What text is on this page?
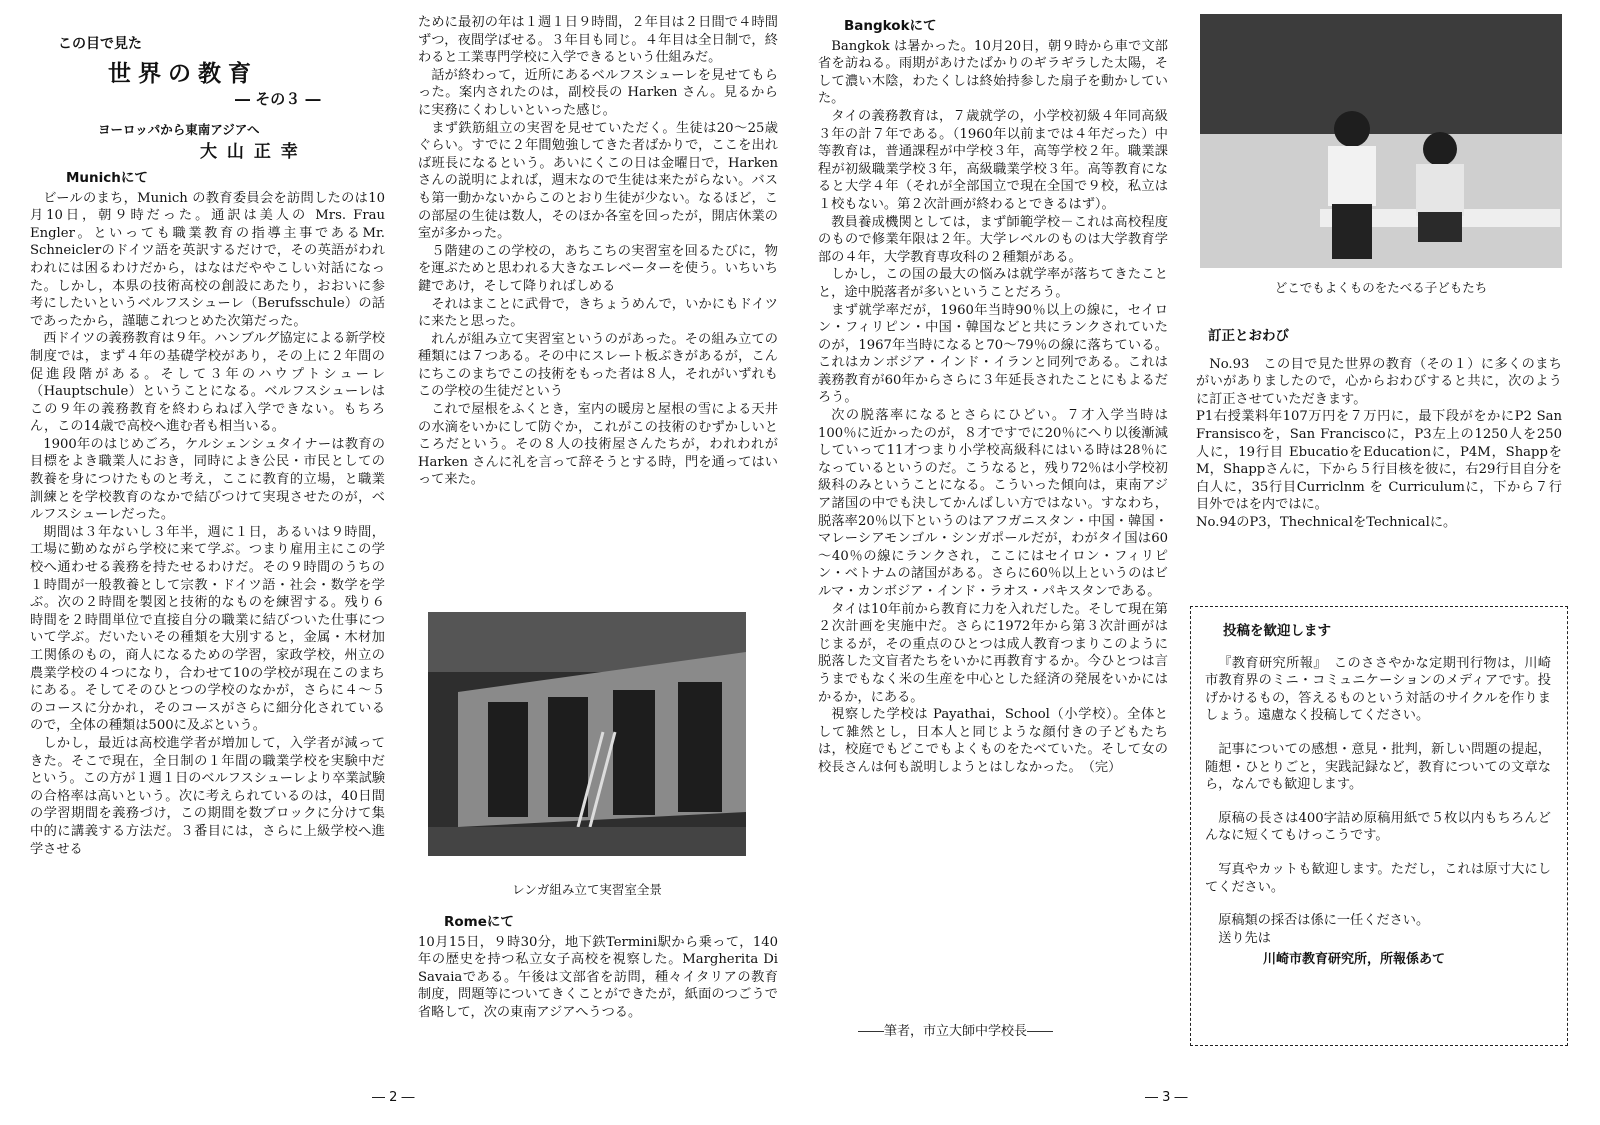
この目で見た
世界の教育
― その３ ―
ヨーロッパから東南アジアへ
大 山 正 幸
Munichにて

ビールのまち，Munich の教育委員会を訪問したのは10月10日，朝９時だった。通訳は美人の Mrs. Frau Engler。といっても職業教育の指導主事であるMr. Schneiclerのドイツ語を英訳するだけで，その英語がわれわれには困るわけだから，はなはだややこしい対話になった。しかし，本県の技術高校の創設にあたり，おおいに参考にしたいというベルフスシューレ（Berufsschule）の話であったから，謹聴これつとめた次第だった。

西ドイツの義務教育は９年。ハンブルグ協定による新学校制度では，まず４年の基礎学校があり，その上に２年間の促進段階がある。そして３年のハウプトシューレ（Hauptschule）ということになる。ベルフスシューレはこの９年の義務教育を終わらねば入学できない。もちろん，この14歳で高校へ進む者も相当いる。

1900年のはじめごろ，ケルシェンシュタイナーは教育の目標をよき職業人におき，同時によき公民・市民としての教養を身につけたものと考え，ここに教育的立場，と職業訓練とを学校教育のなかで結びつけて実現させたのが，ベルフスシューレだった。

期間は３年ないし３年半，週に１日，あるいは９時間，工場に勤めながら学校に来て学ぶ。つまり雇用主にこの学校へ通わせる義務を持たせるわけだ。その９時間のうちの１時間が一般教養として宗教・ドイツ語・社会・数学を学ぶ。次の２時間を製図と技術的なものを練習する。残り６時間を２時間単位で直接自分の職業に結びついた仕事について学ぶ。だいたいその種類を大別すると，金属・木材加工関係のもの，商人になるための学習，家政学校，州立の農業学校の４つになり，合わせて10の学校が現在このまちにある。そしてそのひとつの学校のなかが，さらに４～５のコースに分かれ，そのコースがさらに細分化されているので，全体の種類は500に及ぶという。

しかし，最近は高校進学者が増加して，入学者が減ってきた。そこで現在，全日制の１年間の職業学校を実験中だという。この方が１週１日のベルフスシューレより卒業試験の合格率は高いという。次に考えられているのは，40日間の学習期間を義務づけ，この期間を数ブロックに分けて集中的に講義する方法だ。３番目には，さらに上級学校へ進学させる

ために最初の年は１週１日９時間，２年目は２日間で４時間ずつ，夜間学ばせる。３年目も同じ。４年目は全日制で，終わると工業専門学校に入学できるという仕組みだ。

話が終わって，近所にあるベルフスシューレを見せてもらった。案内されたのは，副校長の Harken さん。見るからに実務にくわしいといった感じ。

まず鉄筋組立の実習を見せていただく。生徒は20～25歳ぐらい。すでに２年間勉強してきた者ばかりで，ここを出れば班長になるという。あいにくこの日は金曜日で，Harken さんの説明によれば，週末なので生徒は来たがらない。バスも第一動かないからこのとおり生徒が少ない。なるほど，この部屋の生徒は数人，そのほか各室を回ったが，開店休業の室が多かった。

５階建のこの学校の，あちこちの実習室を回るたびに，物を運ぶためと思われる大きなエレベーターを使う。いちいち鍵であけ，そして降りればしめる

それはまことに武骨で，きちょうめんで，いかにもドイツに来たと思った。

れんが組み立て実習室というのがあった。その組み立ての種類には７つある。その中にスレート板ぶきがあるが，こんにちこのまちでこの技術をもった者は８人，それがいずれもこの学校の生徒だという

これで屋根をふくとき，室内の暖房と屋根の雪による天井の水滴をいかにして防ぐか，これがこの技術のむずかしいところだという。その８人の技術屋さんたちが，われわれが Harken さんに礼を言って辞そうとする時，門を通ってはいって来た。

レンガ組み立て実習室全景
Romeにて

10月15日，９時30分，地下鉄Termini駅から乗って，140年の歴史を持つ私立女子高校を視察した。Margherita Di Savaiaである。午後は文部省を訪問，種々イタリアの教育制度，問題等についてきくことができたが，紙面のつごうで省略して，次の東南アジアへうつる。

― 2 ―
Bangkokにて

Bangkok は暑かった。10月20日，朝９時から車で文部省を訪ねる。雨期があけたばかりのギラギラした太陽，そして濃い木陰，わたくしは終始持参した扇子を動かしていた。

タイの義務教育は，７歳就学の，小学校初級４年同高級３年の計７年である。（1960年以前までは４年だった）中等教育は，普通課程が中学校３年，高等学校２年。職業課程が初級職業学校３年，高級職業学校３年。高等教育になると大学４年（それが全部国立で現在全国で９校，私立は１校もない。第２次計画が終わるとできるはず）。

教員養成機関としては，まず師範学校－これは高校程度のもので修業年限は２年。大学レベルのものは大学教育学部の４年，大学教育専攻科の２種類がある。

しかし，この国の最大の悩みは就学率が落ちてきたことと，途中脱落者が多いということだろう。

まず就学率だが，1960年当時90％以上の線に，セイロン・フィリピン・中国・韓国などと共にランクされていたのが，1967年当時になると70～79％の線に落ちている。これはカンボジア・インド・イランと同列である。これは義務教育が60年からさらに３年延長されたことにもよるだろう。

次の脱落率になるとさらにひどい。７才入学当時は100％に近かったのが，８才ですでに20％にへり以後漸減していって11才つまり小学校高級科にはいる時は28％になっているというのだ。こうなると，残り72％は小学校初級科のみということになる。こういった傾向は，東南アジア諸国の中でも決してかんばしい方ではない。すなわち，脱落率20％以下というのはアフガニスタン・中国・韓国・マレーシアモンゴル・シンガポールだが，わがタイ国は60～40％の線にランクされ，ここにはセイロン・フィリピン・ベトナムの諸国がある。さらに60％以上というのはビルマ・カンボジア・インド・ラオス・パキスタンである。

タイは10年前から教育に力を入れだした。そして現在第２次計画を実施中だ。さらに1972年から第３次計画がはじまるが，その重点のひとつは成人教育つまりこのように脱落した文盲者たちをいかに再教育するか。今ひとつは言うまでもなく米の生産を中心とした経済の発展をいかにはかるか，にある。

視察した学校は Payathai，School（小学校）。全体として雑然とし，日本人と同じような顔付きの子どもたちは，校庭でもどこでもよくものをたべていた。そして女の校長さんは何も説明しようとはしなかった。　（完）

――筆者，市立大師中学校長――
どこでもよくものをたべる子どもたち
訂正とおわび

No.93　この目で見た世界の教育（その１）に多くのまちがいがありましたので，心からおわびすると共に，次のように訂正させていただきます。

P1右授業料年107万円を７万円に，最下段がをかにP2 San Fransiscoを，San Franciscoに，P3左上の1250人を250人に，19行目 EbucatioをEducationに，P4M，ShappをM，Shappさんに，下から５行目核を彼に，右29行目自分を白人に，35行目Curriclnm を Curriculumに，下から７行目外ではを内ではに。

No.94のP3，ThechnicalをTechnicalに。

投稿を歓迎します

『教育研究所報』　このささやかな定期刊行物は，川崎市教育界のミニ・コミュニケーションのメディアです。投げかけるもの，答えるものという対話のサイクルを作りましょう。遠慮なく投稿してください。

記事についての感想・意見・批判，新しい問題の提起，随想・ひとりごと，実践記録など，教育についての文章なら，なんでも歓迎します。

原稿の長さは400字詰め原稿用紙で５枚以内もちろんどんなに短くてもけっこうです。

写真やカットも歓迎します。ただし，これは原寸大にしてください。

原稿類の採否は係に一任ください。

送り先は

川崎市教育研究所，所報係あて
― 3 ―
